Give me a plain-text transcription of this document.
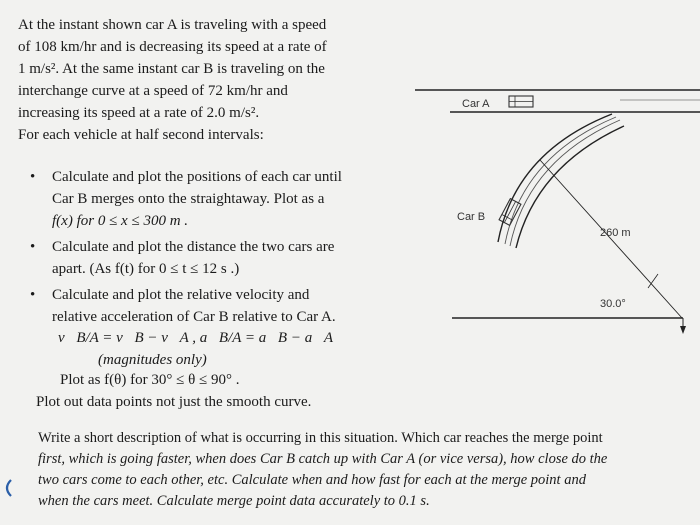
At the instant shown car A is traveling with a speed
of 108 km/hr and is decreasing its speed at a rate of
1 m/s². At the same instant car B is traveling on the
interchange curve at a speed of 72 km/hr and
increasing its speed at a rate of 2.0 m/s².
For each vehicle at half second intervals:
• Calculate and plot the positions of each car until
Car B merges onto the straightaway. Plot as a
f(x) for 0 ≤ x ≤ 300 m .
• Calculate and plot the distance the two cars are
apart. (As f(t) for 0 ≤ t ≤ 12 s .)
• Calculate and plot the relative velocity and
relative acceleration of Car B relative to Car A.
v⃗B/A = v⃗B − v⃗A , a⃗B/A = a⃗B − a⃗A
(magnitudes only)
Plot as f(θ) for 30° ≤ θ ≤ 90° .
Plot out data points not just the smooth curve.
Car A
Car B
260 m
30.0°
Write a short description of what is occurring in this situation. Which car reaches the merge point
first, which is going faster, when does Car B catch up with Car A (or vice versa), how close do the
two cars come to each other, etc. Calculate when and how fast for each at the merge point and
when the cars meet. Calculate merge point data accurately to 0.1 s.
